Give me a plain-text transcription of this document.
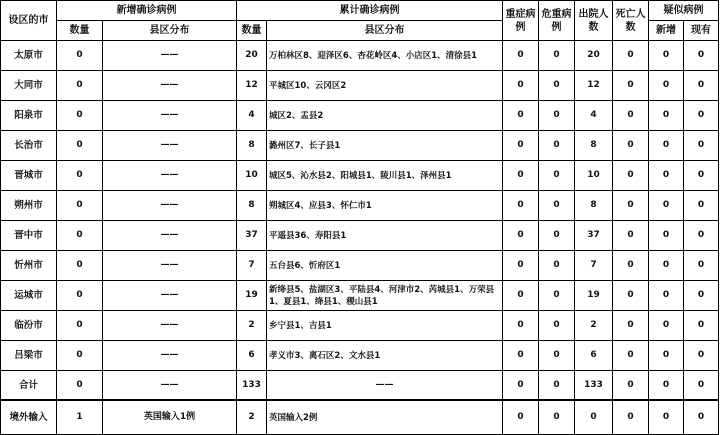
设区的市	新增确诊病例		累计确诊病例		重症病例	危重病例	出院人数	死亡人数	疑似病例	
	数量	县区分布	数量	县区分布					新增	现有
太原市	0	——	20	万柏林区8、迎泽区6、杏花岭区4、小店区1、清徐县1	0	0	20	0	0	0
大同市	0	——	12	平城区10、云冈区2	0	0	12	0	0	0
阳泉市	0	——	4	城区2、盂县2	0	0	4	0	0	0
长治市	0	——	8	潞州区7、长子县1	0	0	8	0	0	0
晋城市	0	——	10	城区5、沁水县2、阳城县1、陵川县1、泽州县1	0	0	10	0	0	0
朔州市	0	——	8	朔城区4、应县3、怀仁市1	0	0	8	0	0	0
晋中市	0	——	37	平遥县36、寿阳县1	0	0	37	0	0	0
忻州市	0	——	7	五台县6、忻府区1	0	0	7	0	0	0
运城市	0	——	19	新绛县5、盐湖区3、平陆县4、河津市2、芮城县1、万荣县1、夏县1、绛县1、稷山县1	0	0	19	0	0	0
临汾市	0	——	2	乡宁县1、吉县1	0	0	2	0	0	0
吕梁市	0	——	6	孝义市3、离石区2、文水县1	0	0	6	0	0	0
合计	0	——	133	——	0	0	133	0	0	0
境外输入	1	英国输入1例	2	英国输入2例	0	0	0	0	0	0
